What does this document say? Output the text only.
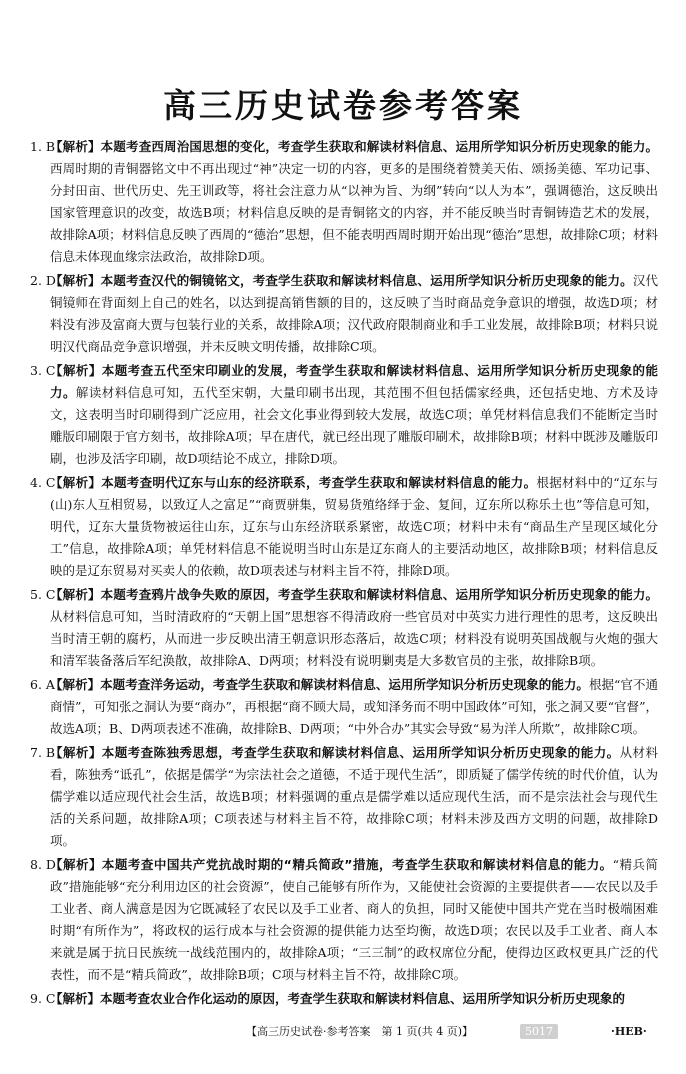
高三历史试卷参考答案
1. B
【解析】本题考查西周治国思想的变化，考查学生获取和解读材料信息、运用所学知识分析历史现象的能力。西周时期的青铜器铭文中不再出现过“神”决定一切的内容，更多的是围绕着赞美天佑、颂扬美德、军功记事、分封田亩、世代历史、先王训政等，将社会注意力从“以神为旨、为纲”转向“以人为本”，强调德治，这反映出国家管理意识的改变，故选B项；材料信息反映的是青铜铭文的内容，并不能反映当时青铜铸造艺术的发展，故排除A项；材料信息反映了西周的“德治”思想，但不能表明西周时期开始出现“德治”思想，故排除C项；材料信息未体现血缘宗法政治，故排除D项。
2. D
【解析】本题考查汉代的铜镜铭文，考查学生获取和解读材料信息、运用所学知识分析历史现象的能力。汉代铜镜师在背面刻上自己的姓名，以达到提高销售额的目的，这反映了当时商品竞争意识的增强，故选D项；材料没有涉及富商大贾与包装行业的关系，故排除A项；汉代政府限制商业和手工业发展，故排除B项；材料只说明汉代商品竞争意识增强，并未反映文明传播，故排除C项。
3. C
【解析】本题考查五代至宋印刷业的发展，考查学生获取和解读材料信息、运用所学知识分析历史现象的能力。解读材料信息可知，五代至宋朝，大量印刷书出现，其范围不但包括儒家经典，还包括史地、方术及诗文，这表明当时印刷得到广泛应用，社会文化事业得到较大发展，故选C项；单凭材料信息我们不能断定当时雕版印刷限于官方刻书，故排除A项；早在唐代，就已经出现了雕版印刷术，故排除B项；材料中既涉及雕版印刷，也涉及活字印刷，故D项结论不成立，排除D项。
4. C
【解析】本题考查明代辽东与山东的经济联系，考查学生获取和解读材料信息的能力。根据材料中的“辽东与(山)东人互相贸易，以致辽人之富足”“商贾骈集，贸易货殖络绎于金、复间，辽东所以称乐土也”等信息可知，明代，辽东大量货物被运往山东，辽东与山东经济联系紧密，故选C项；材料中未有“商品生产呈现区域化分工”信息，故排除A项；单凭材料信息不能说明当时山东是辽东商人的主要活动地区，故排除B项；材料信息反映的是辽东贸易对买卖人的依赖，故D项表述与材料主旨不符，排除D项。
5. C
【解析】本题考查鸦片战争失败的原因，考查学生获取和解读材料信息、运用所学知识分析历史现象的能力。从材料信息可知，当时清政府的“天朝上国”思想容不得清政府一些官员对中英实力进行理性的思考，这反映出当时清王朝的腐朽，从而进一步反映出清王朝意识形态落后，故选C项；材料没有说明英国战舰与火炮的强大和清军装备落后军纪涣散，故排除A、D两项；材料没有说明剿夷是大多数官员的主张，故排除B项。
6. A
【解析】本题考查洋务运动，考查学生获取和解读材料信息、运用所学知识分析历史现象的能力。根据“官不通商情”，可知张之洞认为要“商办”，再根据“商不顾大局，或知泽务而不明中国政体”可知，张之洞又要“官督”，故选A项；B、D两项表述不准确，故排除B、D两项；“中外合办”其实会导致“易为洋人所欺”，故排除C项。
7. B
【解析】本题考查陈独秀思想，考查学生获取和解读材料信息、运用所学知识分析历史现象的能力。从材料看，陈独秀“诋孔”，依据是儒学“为宗法社会之道德，不适于现代生活”，即质疑了儒学传统的时代价值，认为儒学难以适应现代社会生活，故选B项；材料强调的重点是儒学难以适应现代生活，而不是宗法社会与现代生活的关系问题，故排除A项；C项表述与材料主旨不符，故排除C项；材料未涉及西方文明的问题，故排除D项。
8. D
【解析】本题考查中国共产党抗战时期的“精兵简政”措施，考查学生获取和解读材料信息的能力。“精兵简政”措施能够“充分利用边区的社会资源”，使自己能够有所作为，又能使社会资源的主要提供者——农民以及手工业者、商人满意是因为它既减轻了农民以及手工业者、商人的负担，同时又能使中国共产党在当时极端困难时期“有所作为”，将政权的运行成本与社会资源的提供能力达至均衡，故选D项；农民以及手工业者、商人本来就是属于抗日民族统一战线范围内的，故排除A项；“三三制”的政权席位分配，使得边区政权更具广泛的代表性，而不是“精兵简政”，故排除B项；C项与材料主旨不符，故排除C项。
9. C
【解析】本题考查农业合作化运动的原因，考查学生获取和解读材料信息、运用所学知识分析历史现象的
【高三历史试卷·参考答案　第 1 页(共 4 页)】	5017	·HEB·
